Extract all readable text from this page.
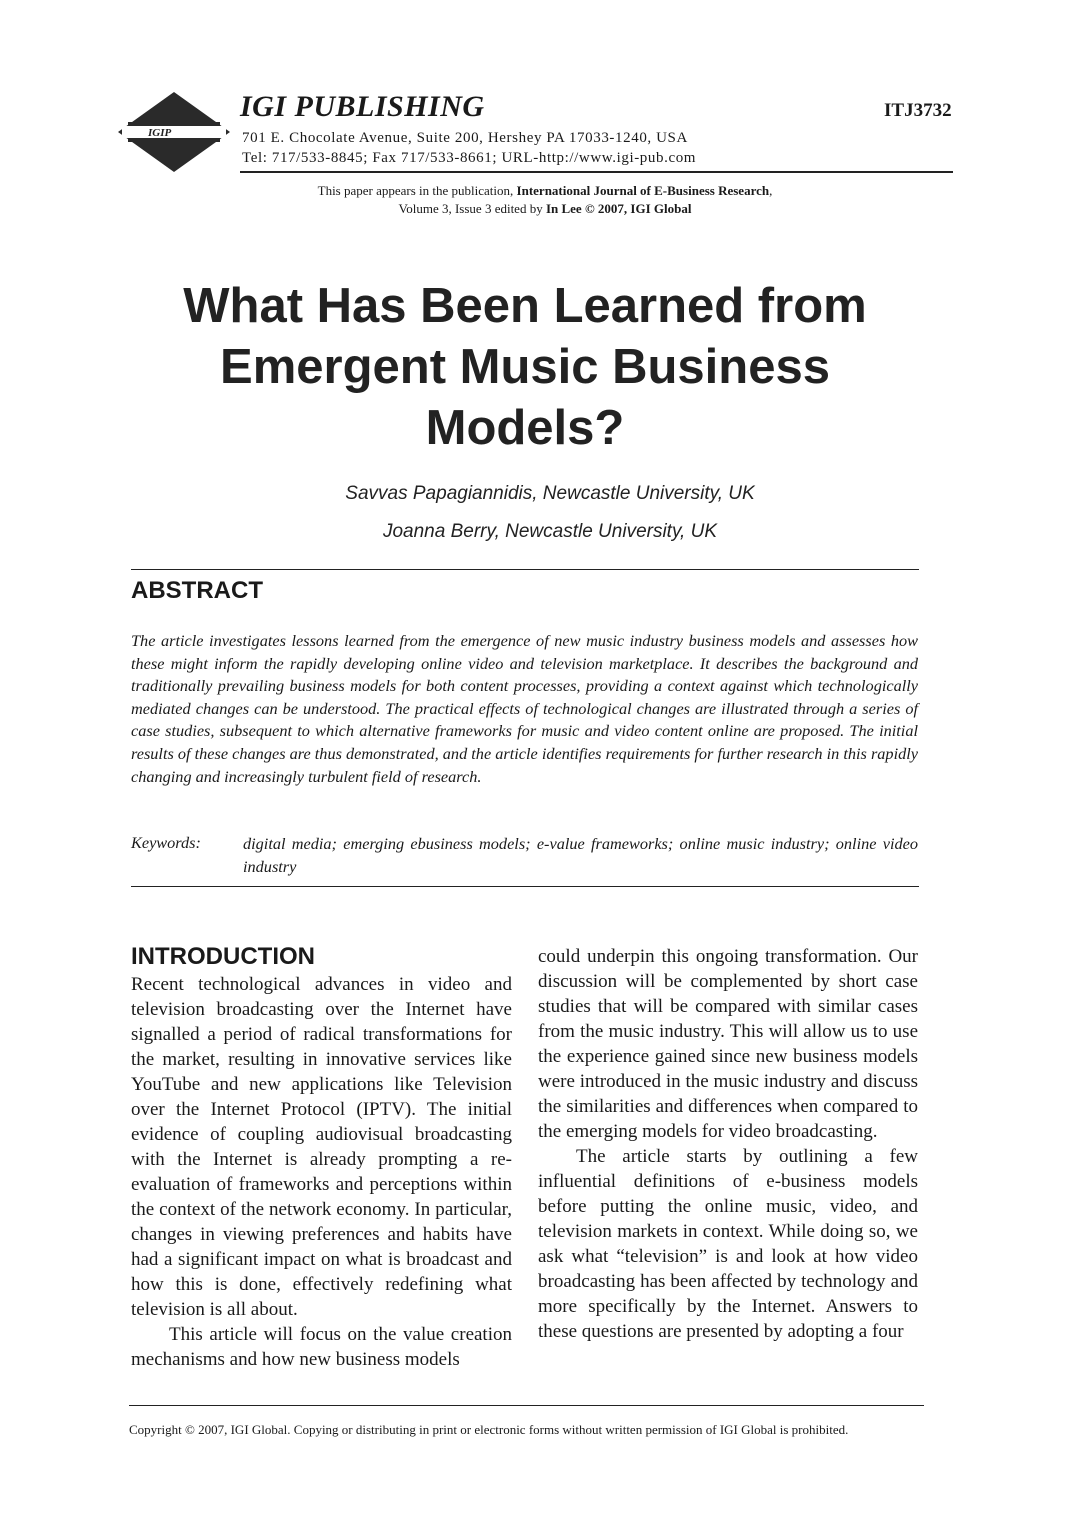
IGIP
IGI PUBLISHING
701 E. Chocolate Avenue, Suite 200, Hershey PA 17033-1240, USA
Tel: 717/533-8845; Fax 717/533-8661; URL-http://www.igi-pub.com
ITJ3732
This paper appears in the publication, International Journal of E-Business Research,
Volume 3, Issue 3 edited by In Lee © 2007, IGI Global
What Has Been Learned from
Emergent Music Business
Models?
Savvas Papagiannidis, Newcastle University, UK
Joanna Berry, Newcastle University, UK
ABSTRACT
The article investigates lessons learned from the emergence of new music industry business models and assesses how these might inform the rapidly developing online video and television marketplace. It describes the background and traditionally prevailing business models for both content processes, providing a context against which technologically mediated changes can be understood. The practical effects of technological changes are illustrated through a series of case studies, subsequent to which alternative frameworks for music and video content online are proposed. The initial results of these changes are thus demonstrated, and the article identifies requirements for further research in this rapidly changing and increasingly turbulent field of research.
Keywords:	digital media; emerging ebusiness models; e-value frameworks; online music industry; online video industry
INTRODUCTION

Recent technological advances in video and television broadcasting over the Internet have signalled a period of radical transformations for the market, resulting in innovative services like YouTube and new applications like Television over the Internet Protocol (IPTV). The initial evidence of coupling audiovisual broadcasting with the Internet is already prompting a re-evaluation of frameworks and perceptions within the context of the network economy. In particular, changes in viewing preferences and habits have had a significant impact on what is broadcast and how this is done, effectively redefining what television is all about.

This article will focus on the value creation mechanisms and how new business models

could underpin this ongoing transformation. Our discussion will be complemented by short case studies that will be compared with similar cases from the music industry. This will allow us to use the experience gained since new business models were introduced in the music industry and discuss the similarities and differences when compared to the emerging models for video broadcasting.

The article starts by outlining a few influential definitions of e-business models before putting the online music, video, and television markets in context. While doing so, we ask what “television” is and look at how video broadcasting has been affected by technology and more specifically by the Internet. Answers to these questions are presented by adopting a four

Copyright © 2007, IGI Global. Copying or distributing in print or electronic forms without written permission of IGI Global is prohibited.
